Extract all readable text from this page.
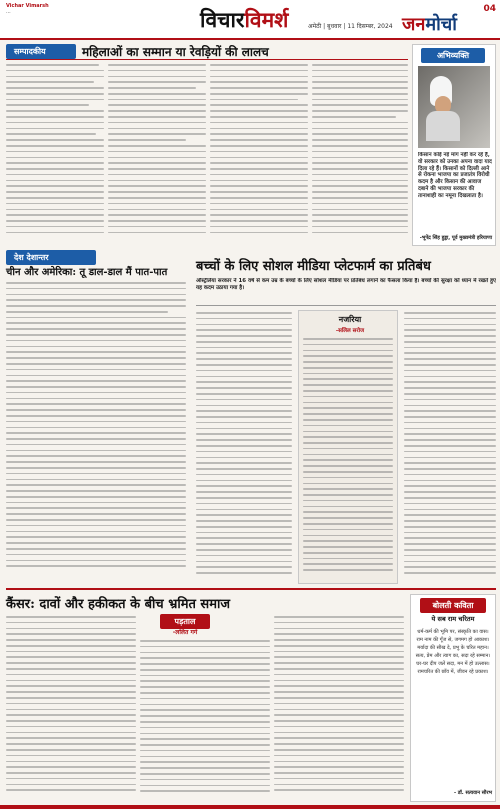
Vichar Vimarsh
...	विचारविमर्श	अमेठी | बुधवार | 11 दिसम्बर, 2024 जनमोर्चा
04
सम्पादकीय	महिलाओं का सम्मान या रेवड़ियों की लालच	अभिव्यक्ति
किसान कोई नई मांग नहीं कर रहे हैं, वो सरकार को उनका अपना वादा याद दिला रहे हैं। किसानों को दिल्ली आने से रोकना भाजपा का प्रजातंत्र विरोधी कदम है और किसान की आवाज दबाने की भाजपा सरकार की तानाशाही का नमूना दिखलाता है।
-भूपेंद्र सिंह हुड्डा, पूर्व मुख्यमंत्री हरियाणा
देश देशान्तर
चीन और अमेरिका: तू डाल-डाल मैं पात-पात	बच्चों के लिए सोशल मीडिया प्लेटफार्म का प्रतिबंध
ऑस्ट्रेलिया सरकार ने 16 वर्ष से कम उम्र के बच्चों के लिए सोशल मीडिया पर प्रतिबंध लगाने का फैसला किया है। बच्चों की सुरक्षा को ध्यान में रखते हुए यह कदम उठाया गया है।
नजरिया
-सलिल सरोज
कैंसर: दावों और हकीकत के बीच भ्रमित समाज
पड़ताल
-ललित गर्ग
बोलती कविता
ये सब राम चरितम
धर्म-कर्म की भूमि पर, संस्कृति का वास।
राम नाम की गूँज से, जगमग हो आकाश।
मर्यादा की सीख दे, प्रभु के चरित महान।
सत्य, प्रेम और त्याग का, सदा रहे सम्मान।
घर-घर दीप जलें सदा, मन में हो उल्लास।
रामचरित की छाँव में, जीवन रहे प्रकाश।
- डॉ. सत्यवान सौरभ
